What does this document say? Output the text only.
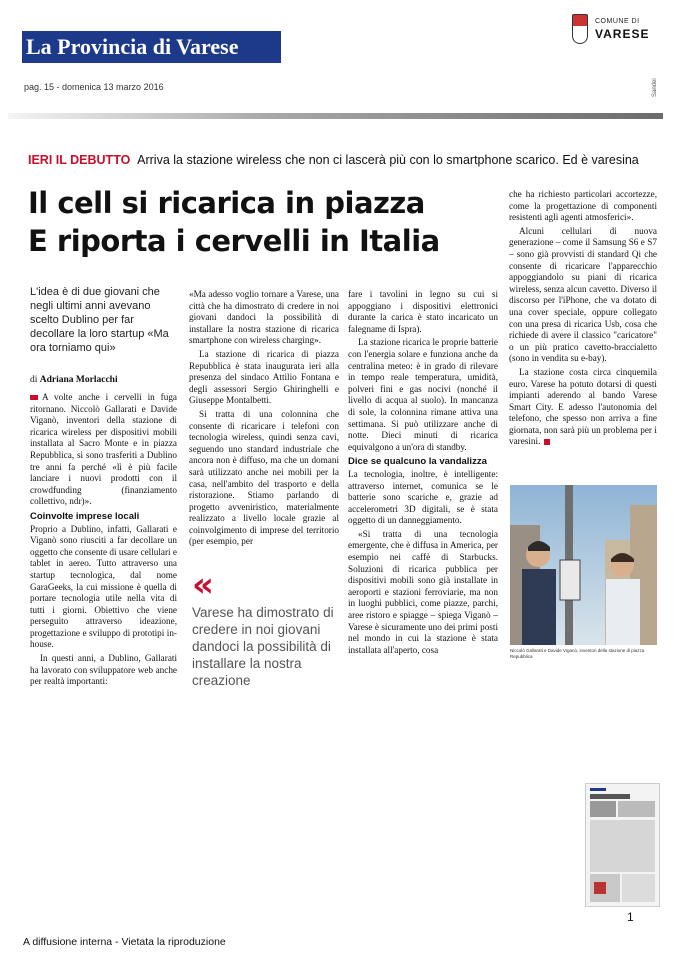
La Provincia di Varese
COMUNE DI
VARESE
pag. 15 - domenica 13 marzo 2016	Sandei
IERI IL DEBUTTO Arriva la stazione wireless che non ci lascerà più con lo smartphone scarico. Ed è varesina
Il cell si ricarica in piazza
E riporta i cervelli in Italia
L'idea è di due giovani che negli ultimi anni avevano scelto Dublino per far decollare la loro startup «Ma ora torniamo qui»
di Adriana Morlacchi

A volte anche i cervelli in fuga ritornano. Niccolò Gallarati e Davide Viganò, inventori della stazione di ricarica wireless per dispositivi mobili installata al Sacro Monte e in piazza Repubblica, si sono trasferiti a Dublino tre anni fa perché «lì è più facile lanciare i nuovi prodotti con il crowdfunding (finanziamento collettivo, ndr)».

Coinvolte imprese locali

Proprio a Dublino, infatti, Gallarati e Viganò sono riusciti a far decollare un oggetto che consente di usare cellulari e tablet in aereo. Tutto attraverso una startup tecnologica, dal nome GaraGeeks, la cui missione è quella di portare tecnologia utile nella vita di tutti i giorni. Obiettivo che viene perseguito attraverso ideazione, progettazione e sviluppo di prototipi in-house.

In questi anni, a Dublino, Gallarati ha lavorato con sviluppatore web anche per realtà importanti:

«Ma adesso voglio tornare a Varese, una città che ha dimostrato di credere in noi giovani dandoci la possibilità di installare la nostra stazione di ricarica smartphone con wireless charging».

La stazione di ricarica di piazza Repubblica è stata inaugurata ieri alla presenza del sindaco Attilio Fontana e degli assessori Sergio Ghiringhelli e Giuseppe Montalbetti.

Si tratta di una colonnina che consente di ricaricare i telefoni con tecnologia wireless, quindi senza cavi, seguendo uno standard industriale che ancora non è diffuso, ma che un domani sarà utilizzato anche nei mobili per la casa, nell'ambito del trasporto e della ristorazione. Stiamo parlando di progetto avveniristico, materialmente realizzato a livello locale grazie al coinvolgimento di imprese del territorio (per esempio, per

«
Varese ha dimostrato di credere in noi giovani dandoci la possibilità di installare la nostra creazione

fare i tavolini in legno su cui si appoggiano i dispositivi elettronici durante la carica è stato incaricato un falegname di Ispra).

La stazione ricarica le proprie batterie con l'energia solare e funziona anche da centralina meteo: è in grado di rilevare in tempo reale temperatura, umidità, polveri fini e gas nocivi (nonché il livello di acqua al suolo). In mancanza di sole, la colonnina rimane attiva una settimana. Si può utilizzare anche di notte. Dieci minuti di ricarica equivalgono a un'ora di standby.

Dice se qualcuno la vandalizza

La tecnologia, inoltre, è intelligente: attraverso internet, comunica se le batterie sono scariche e, grazie ad accelerometri 3D digitali, se è stata oggetto di un danneggiamento.

«Si tratta di una tecnologia emergente, che è diffusa in America, per esempio nei caffè di Starbucks. Soluzioni di ricarica pubblica per dispositivi mobili sono già installate in aeroporti e stazioni ferroviarie, ma non in luoghi pubblici, come piazze, parchi, aree ristoro e spiagge – spiega Viganò – Varese è sicuramente uno dei primi posti nel mondo in cui la stazione è stata installata all'aperto, cosa

che ha richiesto particolari accortezze, come la progettazione di componenti resistenti agli agenti atmosferici».

Alcuni cellulari di nuova generazione – come il Samsung S6 e S7 – sono già provvisti di standard Qi che consente di ricaricare l'apparecchio appoggiandolo su piani di ricarica wireless, senza alcun cavetto. Diverso il discorso per l'iPhone, che va dotato di una cover speciale, oppure collegato con una presa di ricarica Usb, cosa che richiede di avere il classico "caricatore" o un più pratico cavetto-braccialetto (sono in vendita su e-bay).

La stazione costa circa cinquemila euro. Varese ha potuto dotarsi di questi impianti aderendo al bando Varese Smart City. E adesso l'autonomia del telefono, che spesso non arriva a fine giornata, non sarà più un problema per i varesini.

Niccolò Gallarati e Davide Viganò, inventori della stazione di piazza Repubblica
1
A diffusione interna - Vietata la riproduzione
